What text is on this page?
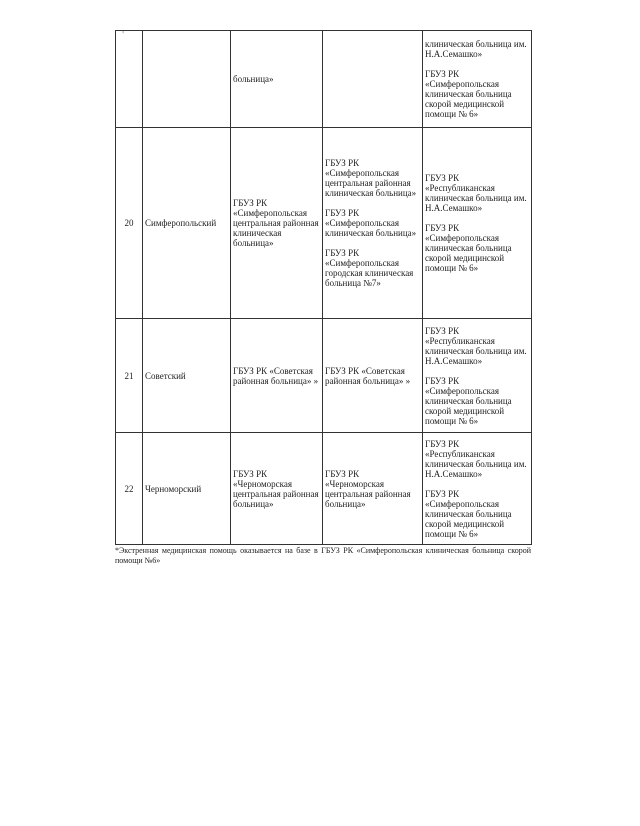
		больница»		клиническая больница им. Н.А.Семашко»
ГБУЗ РК «Симферопольская клиническая больница скорой медицинской помощи № 6»

20	Симферопольский	ГБУЗ РК «Симферопольская центральная районная клиническая больница»	ГБУЗ РК «Симферопольская центральная районная клиническая больница»
ГБУЗ РК «Симферопольская клиническая больница»
ГБУЗ РК «Симферопольская городская клиническая больница №7»	ГБУЗ РК «Республиканская клиническая больница им. Н.А.Семашко»
ГБУЗ РК «Симферопольская клиническая больница скорой медицинской помощи № 6»

21	Советский	ГБУЗ РК «Советская районная больница» »	ГБУЗ РК «Советская районная больница» »	ГБУЗ РК «Республиканская клиническая больница им. Н.А.Семашко»
ГБУЗ РК «Симферопольская клиническая больница скорой медицинской помощи № 6»

22	Черноморский	ГБУЗ РК «Черноморская центральная районная больница»	ГБУЗ РК «Черноморская центральная районная больница»	ГБУЗ РК «Республиканская клиническая больница им. Н.А.Семашко»
ГБУЗ РК «Симферопольская клиническая больница скорой медицинской помощи № 6»
*Экстренная медицинская помощь оказывается на базе в ГБУЗ РК «Симферопольская клиническая больница скорой помощи №6»
'
